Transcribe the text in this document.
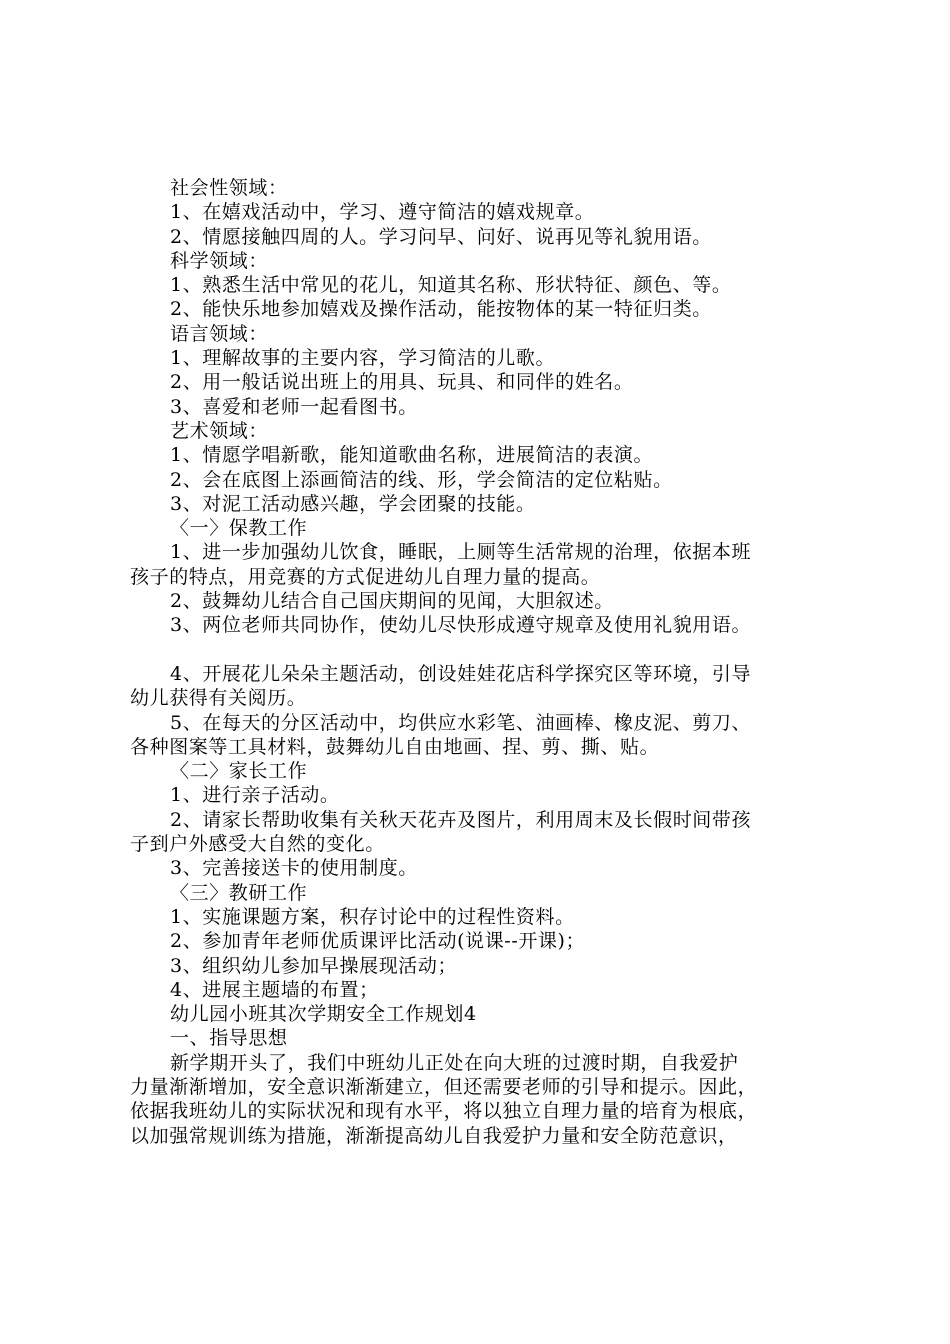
社会性领域：
1、在嬉戏活动中，学习、遵守简洁的嬉戏规章。
2、情愿接触四周的人。学习问早、问好、说再见等礼貌用语。
科学领域：
1、熟悉生活中常见的花儿，知道其名称、形状特征、颜色、等。
2、能快乐地参加嬉戏及操作活动，能按物体的某一特征归类。
语言领域：
1、理解故事的主要内容，学习简洁的儿歌。
2、用一般话说出班上的用具、玩具、和同伴的姓名。
3、喜爱和老师一起看图书。
艺术领域：
1、情愿学唱新歌，能知道歌曲名称，进展简洁的表演。
2、会在底图上添画简洁的线、形，学会简洁的定位粘贴。
3、对泥工活动感兴趣，学会团聚的技能。
〈一〉保教工作
1、进一步加强幼儿饮食，睡眠，上厕等生活常规的治理，依据本班
孩子的特点，用竞赛的方式促进幼儿自理力量的提高。
2、鼓舞幼儿结合自己国庆期间的见闻，大胆叙述。
3、两位老师共同协作，使幼儿尽快形成遵守规章及使用礼貌用语。
4、开展花儿朵朵主题活动，创设娃娃花店科学探究区等环境，引导
幼儿获得有关阅历。
5、在每天的分区活动中，均供应水彩笔、油画棒、橡皮泥、剪刀、
各种图案等工具材料，鼓舞幼儿自由地画、捏、剪、撕、贴。
〈二〉家长工作
1、进行亲子活动。
2、请家长帮助收集有关秋天花卉及图片，利用周末及长假时间带孩
子到户外感受大自然的变化。
3、完善接送卡的使用制度。
〈三〉教研工作
1、实施课题方案，积存讨论中的过程性资料。
2、参加青年老师优质课评比活动(说课--开课)；
3、组织幼儿参加早操展现活动；
4、进展主题墙的布置；
幼儿园小班其次学期安全工作规划4
一、指导思想
新学期开头了，我们中班幼儿正处在向大班的过渡时期，自我爱护
力量渐渐增加，安全意识渐渐建立，但还需要老师的引导和提示。因此，
依据我班幼儿的实际状况和现有水平，将以独立自理力量的培育为根底，
以加强常规训练为措施，渐渐提高幼儿自我爱护力量和安全防范意识，
